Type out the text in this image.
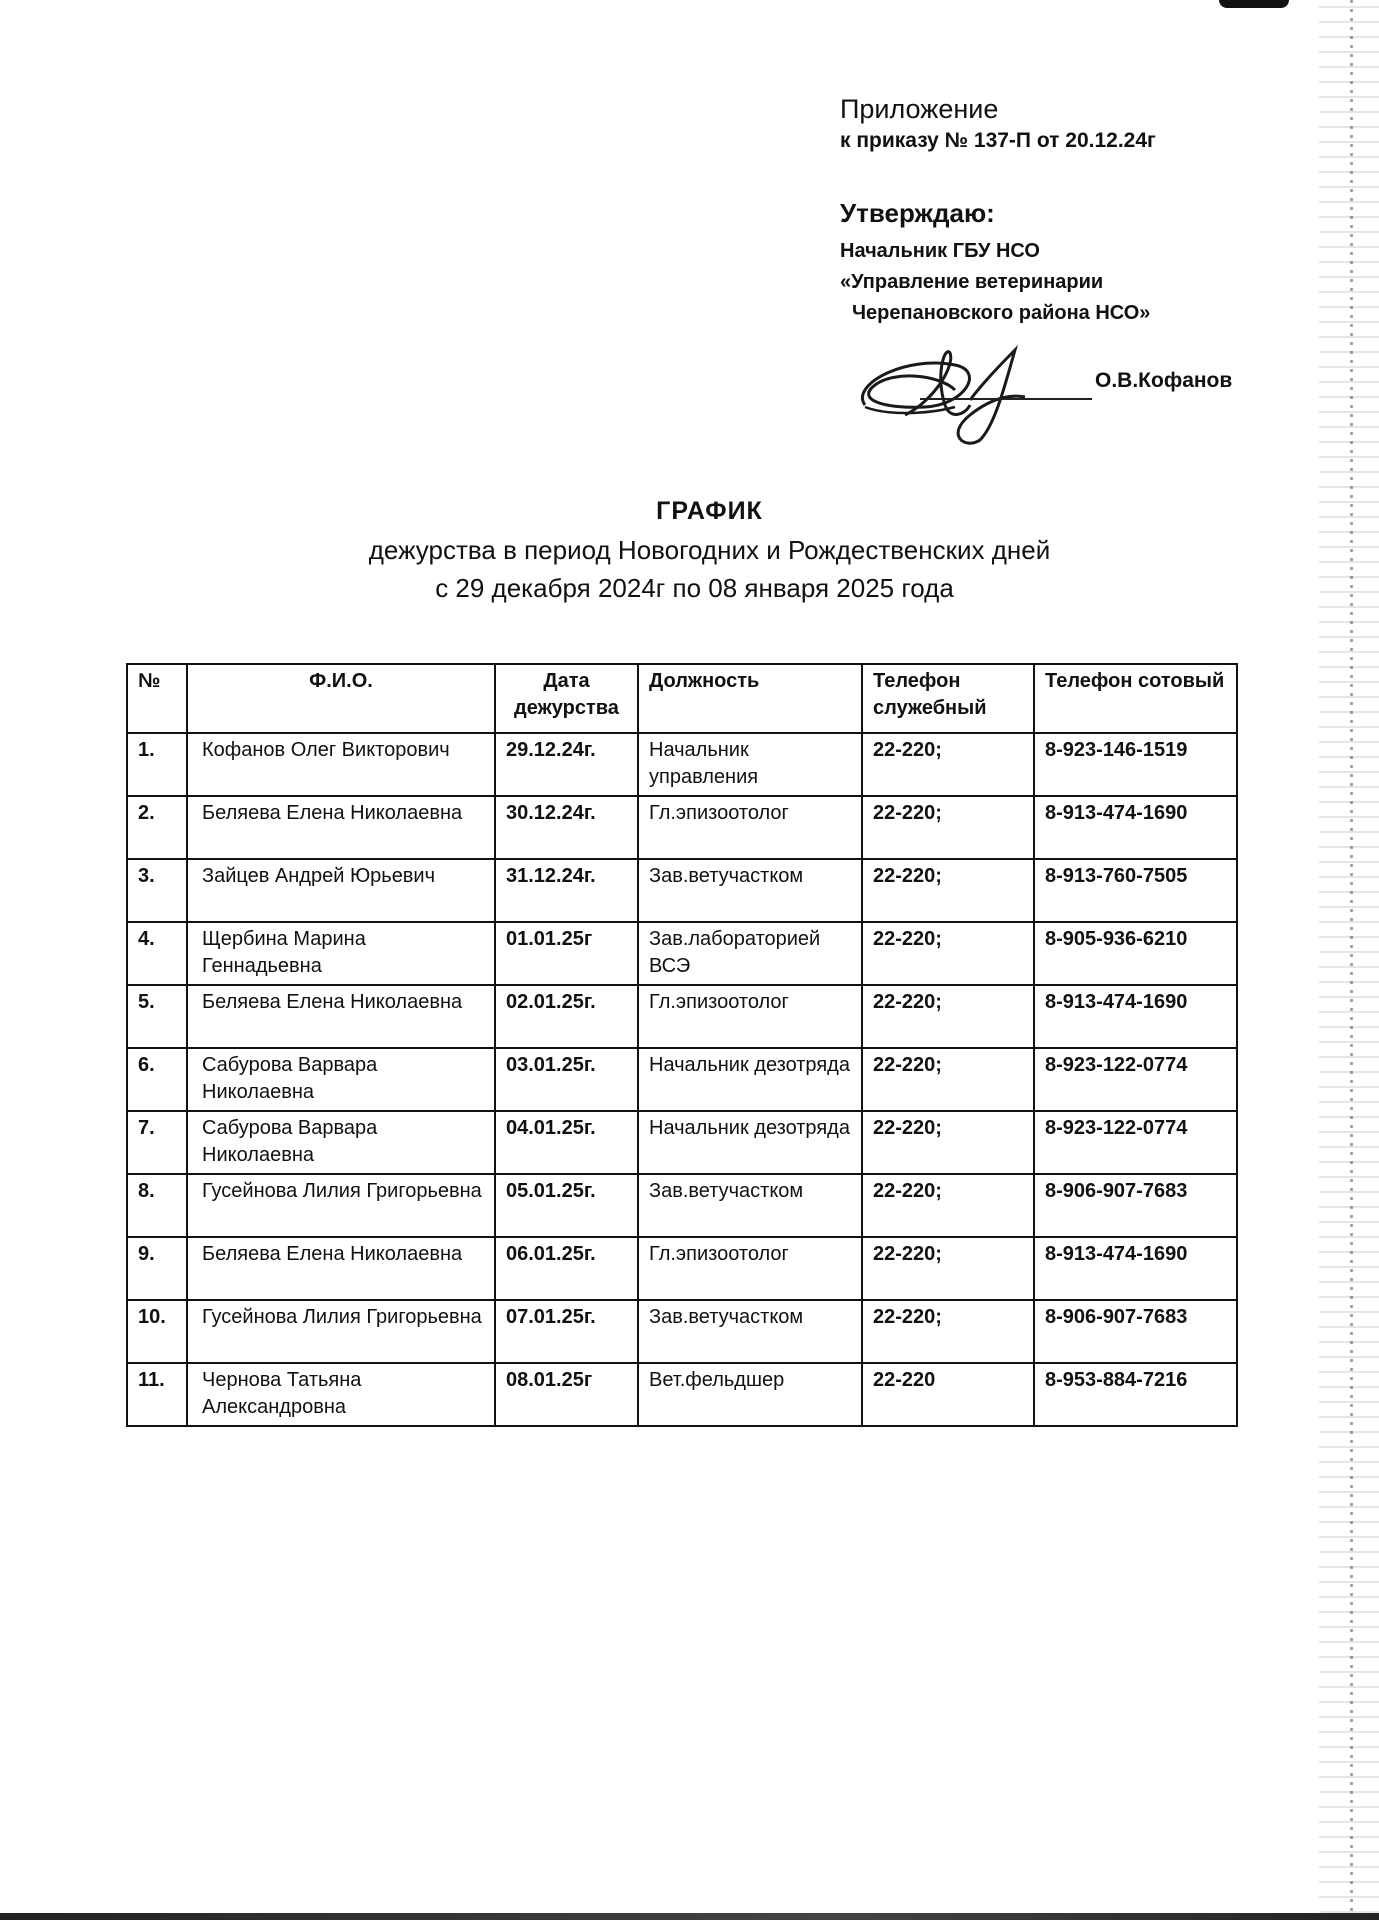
Приложение

к приказу № 137-П от 20.12.24г

Утверждаю:

Начальник ГБУ НСО
«Управление ветеринарии
Черепановского района НСО»
О.В.Кофанов
ГРАФИК
дежурства в период Новогодних и Рождественских дней
с 29 декабря 2024г по 08 января 2025 года
№	Ф.И.О.	Дата дежурства	Должность	Телефон служебный	Телефон сотовый
1.	Кофанов Олег Викторович	29.12.24г.	Начальник управления	22-220;	8-923-146-1519
2.	Беляева Елена Николаевна	30.12.24г.	Гл.эпизоотолог	22-220;	8-913-474-1690
3.	Зайцев Андрей Юрьевич	31.12.24г.	Зав.ветучастком	22-220;	8-913-760-7505
4.	Щербина Марина Геннадьевна	01.01.25г	Зав.лабораторией ВСЭ	22-220;	8-905-936-6210
5.	Беляева Елена Николаевна	02.01.25г.	Гл.эпизоотолог	22-220;	8-913-474-1690
6.	Сабурова Варвара Николаевна	03.01.25г.	Начальник дезотряда	22-220;	8-923-122-0774
7.	Сабурова Варвара Николаевна	04.01.25г.	Начальник дезотряда	22-220;	8-923-122-0774
8.	Гусейнова Лилия Григорьевна	05.01.25г.	Зав.ветучастком	22-220;	8-906-907-7683
9.	Беляева Елена Николаевна	06.01.25г.	Гл.эпизоотолог	22-220;	8-913-474-1690
10.	Гусейнова Лилия Григорьевна	07.01.25г.	Зав.ветучастком	22-220;	8-906-907-7683
11.	Чернова Татьяна Александровна	08.01.25г	Вет.фельдшер	22-220	8-953-884-7216
